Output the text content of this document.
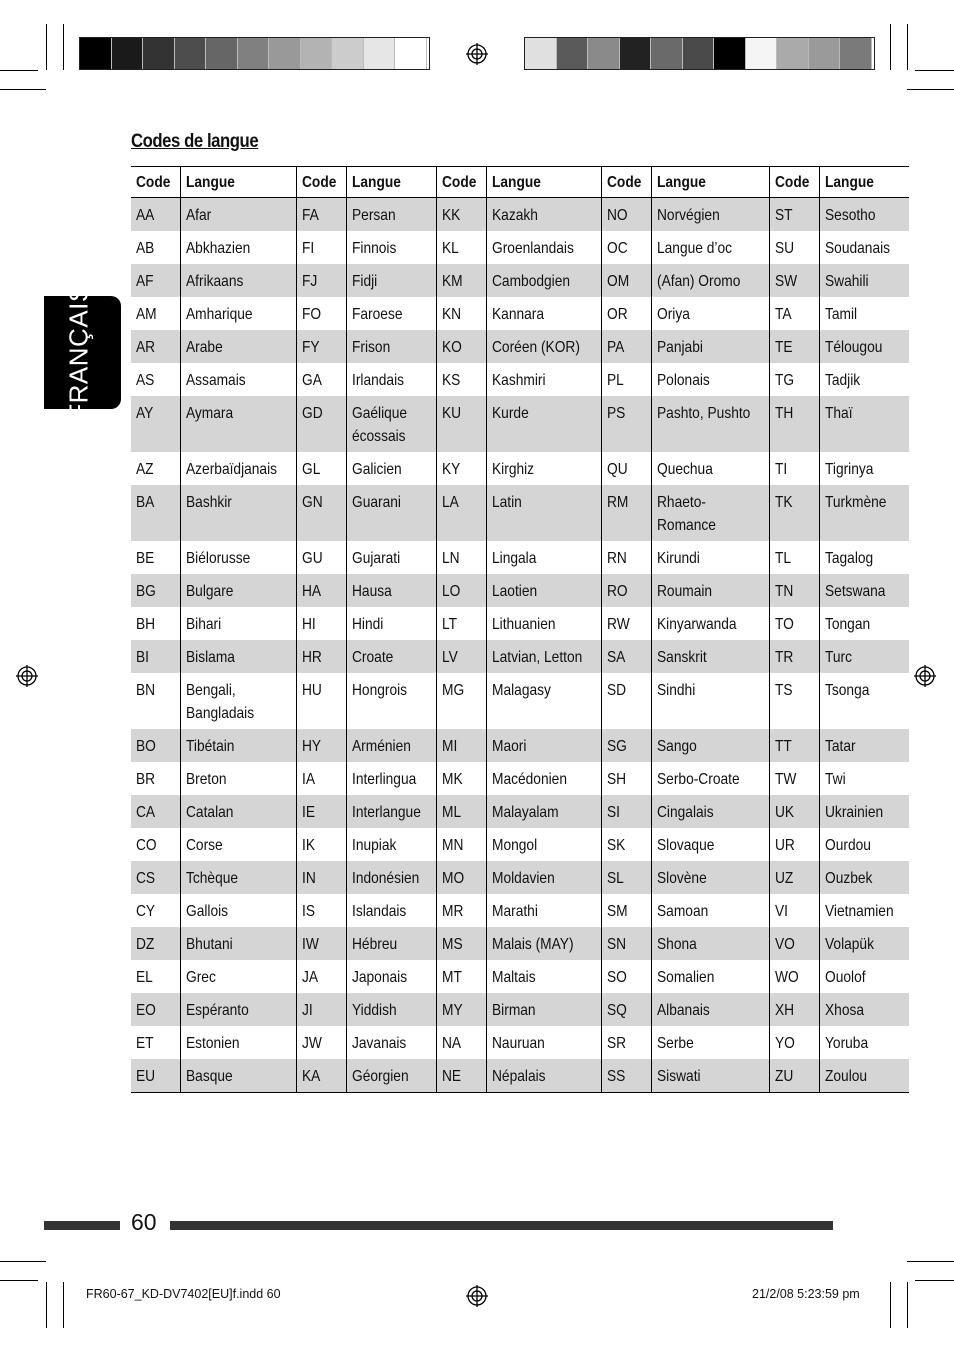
FRANÇAIS
Codes de langue
Code	Langue	Code	Langue	Code	Langue	Code	Langue	Code	Langue

AA	Afar	FA	Persan	KK	Kazakh	NO	Norvégien	ST	Sesotho

AB	Abkhazien	FI	Finnois	KL	Groenlandais	OC	Langue d’oc	SU	Soudanais

AF	Afrikaans	FJ	Fidji	KM	Cambodgien	OM	(Afan) Oromo	SW	Swahili

AM	Amharique	FO	Faroese	KN	Kannara	OR	Oriya	TA	Tamil

AR	Arabe	FY	Frison	KO	Coréen (KOR)	PA	Panjabi	TE	Télougou

AS	Assamais	GA	Irlandais	KS	Kashmiri	PL	Polonais	TG	Tadjik

AY	Aymara	GD	Gaélique
écossais	KU	Kurde	PS	Pashto, Pushto	TH	Thaï

AZ	Azerbaïdjanais	GL	Galicien	KY	Kirghiz	QU	Quechua	TI	Tigrinya

BA	Bashkir	GN	Guarani	LA	Latin	RM	Rhaeto-
Romance	TK	Turkmène

BE	Biélorusse	GU	Gujarati	LN	Lingala	RN	Kirundi	TL	Tagalog

BG	Bulgare	HA	Hausa	LO	Laotien	RO	Roumain	TN	Setswana

BH	Bihari	HI	Hindi	LT	Lithuanien	RW	Kinyarwanda	TO	Tongan

BI	Bislama	HR	Croate	LV	Latvian, Letton	SA	Sanskrit	TR	Turc

BN	Bengali,
Bangladais	HU	Hongrois	MG	Malagasy	SD	Sindhi	TS	Tsonga

BO	Tibétain	HY	Arménien	MI	Maori	SG	Sango	TT	Tatar

BR	Breton	IA	Interlingua	MK	Macédonien	SH	Serbo-Croate	TW	Twi

CA	Catalan	IE	Interlangue	ML	Malayalam	SI	Cingalais	UK	Ukrainien

CO	Corse	IK	Inupiak	MN	Mongol	SK	Slovaque	UR	Ourdou

CS	Tchèque	IN	Indonésien	MO	Moldavien	SL	Slovène	UZ	Ouzbek

CY	Gallois	IS	Islandais	MR	Marathi	SM	Samoan	VI	Vietnamien

DZ	Bhutani	IW	Hébreu	MS	Malais (MAY)	SN	Shona	VO	Volapük

EL	Grec	JA	Japonais	MT	Maltais	SO	Somalien	WO	Ouolof

EO	Espéranto	JI	Yiddish	MY	Birman	SQ	Albanais	XH	Xhosa

ET	Estonien	JW	Javanais	NA	Nauruan	SR	Serbe	YO	Yoruba

EU	Basque	KA	Géorgien	NE	Népalais	SS	Siswati	ZU	Zoulou
60
FR60-67_KD-DV7402[EU]f.indd 60	21/2/08 5:23:59 pm
